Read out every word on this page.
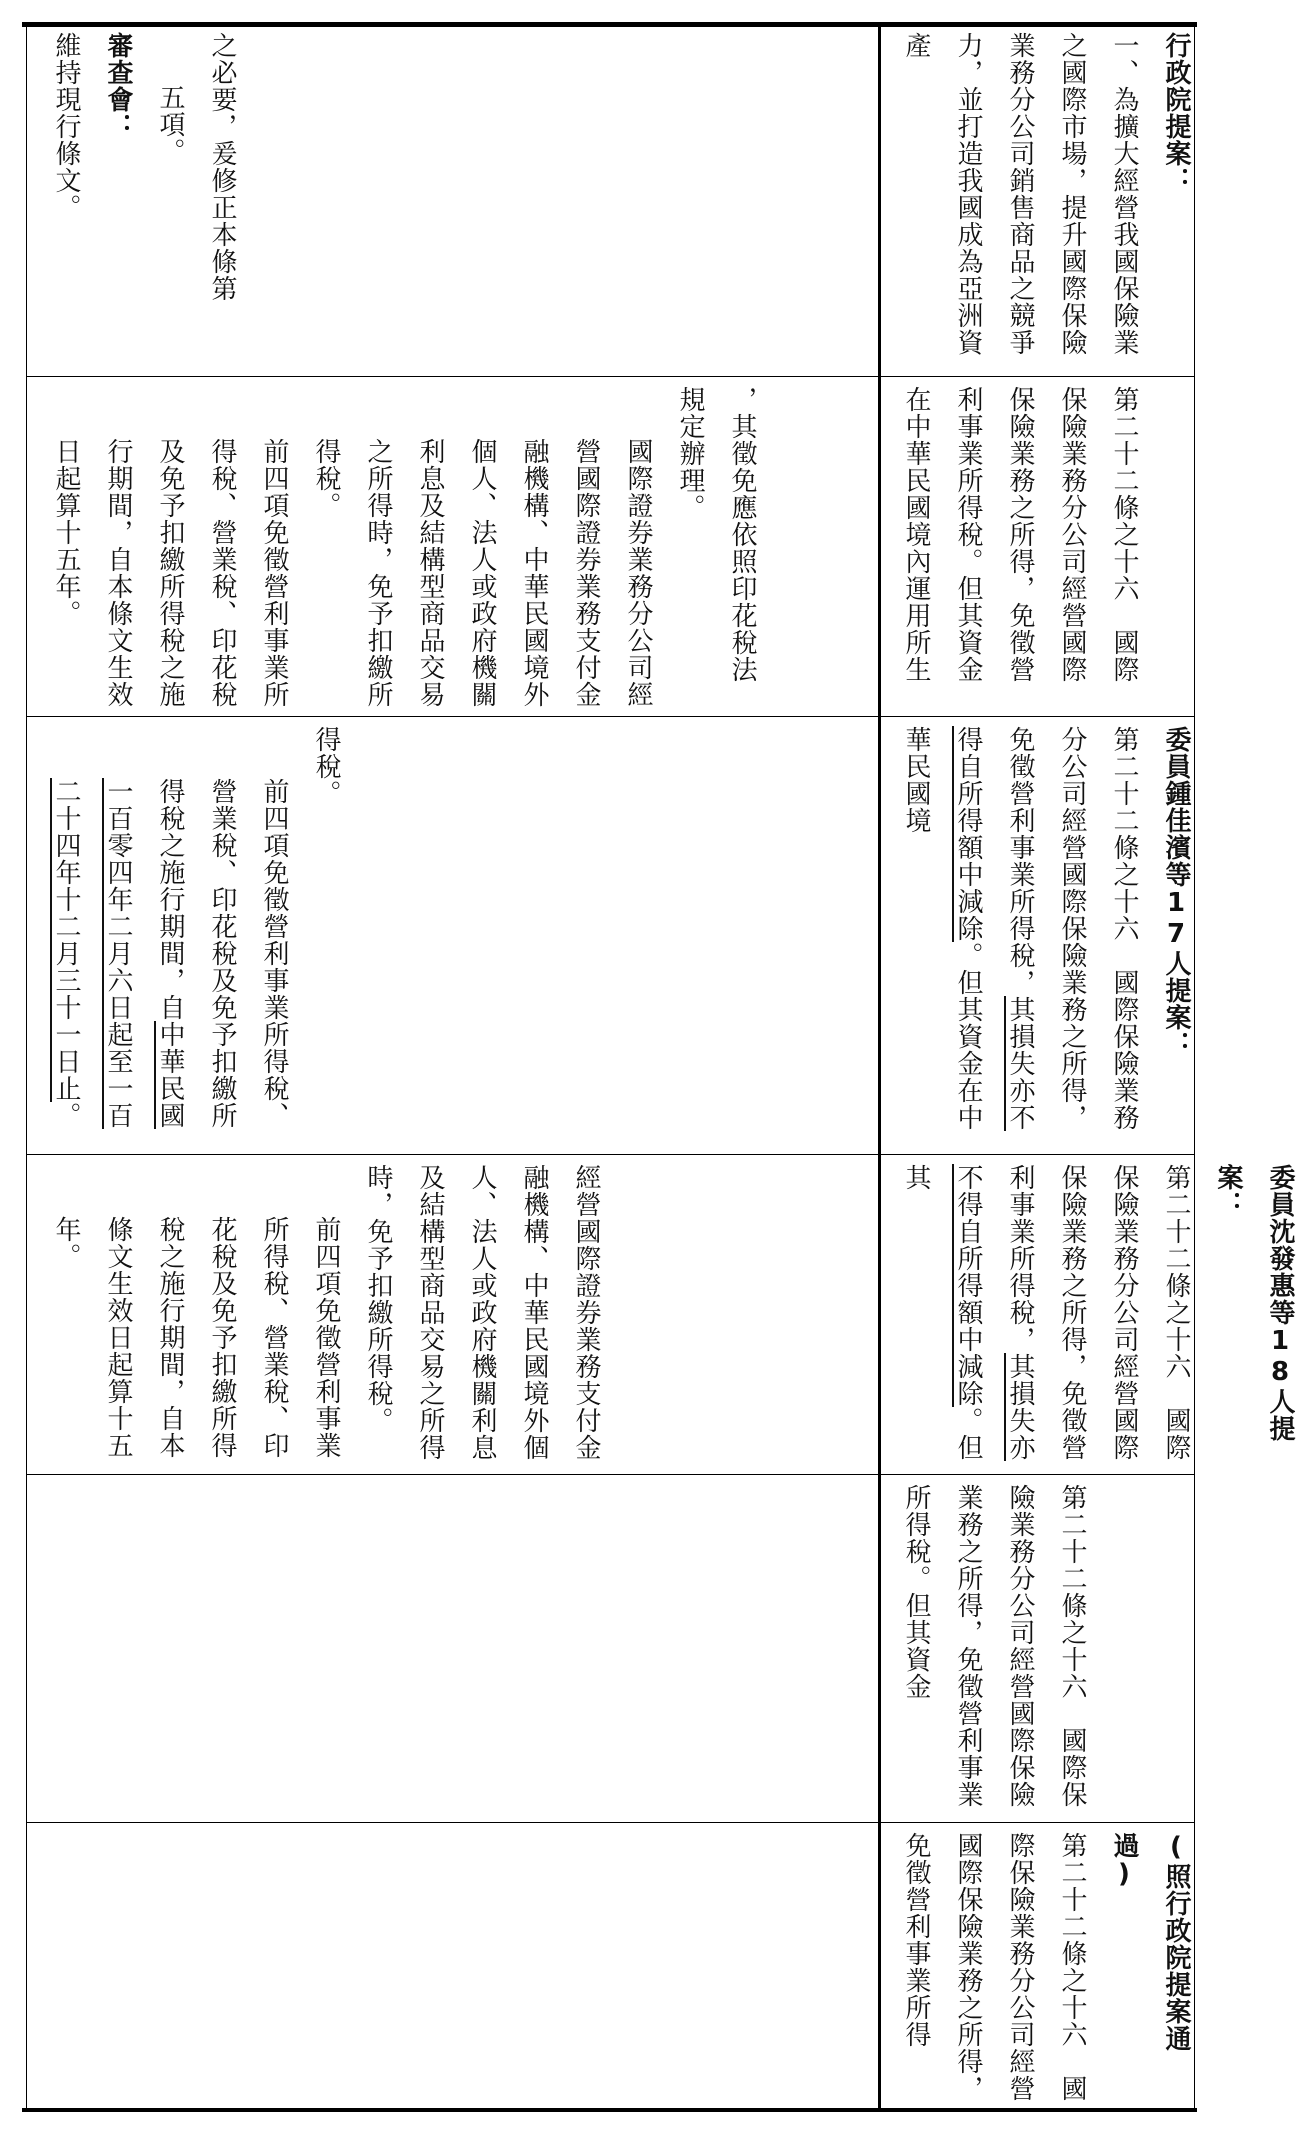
之必要，爰修正本條第
五項。
審查會：
維持現行條文。
，其徵免應依照印花稅法規定辦理。
國際證券業務分公司經營國際證券業務支付金融機構、中華民國境外個人、法人或政府機關利息及結構型商品交易之所得時，免予扣繳所得稅。
前四項免徵營利事業所得稅、營業稅、印花稅及免予扣繳所得稅之施行期間，自本條文生效日起算十五年。
得稅。
前四項免徵營利事業所得稅、營業稅、印花稅及免予扣繳所得稅之施行期間，自中華民國一百零四年二月六日起至一百二十四年十二月三十一日止。
經營國際證券業務支付金融機構、中華民國境外個人、法人或政府機關利息及結構型商品交易之所得時，免予扣繳所得稅。
前四項免徵營利事業所得稅、營業稅、印花稅及免予扣繳所得稅之施行期間，自本條文生效日起算十五年。
行政院提案：
一、為擴大經營我國保險業之國際市場，提升國際保險業務分公司銷售商品之競爭力，並打造我國成為亞洲資產
第二十二條之十六　國際保險業務分公司經營國際保險業務之所得，免徵營利事業所得稅。但其資金在中華民國境內運用所生
委員鍾佳濱等17人提案：
第二十二條之十六　國際保險業務分公司經營國際保險業務之所得，免徵營利事業所得稅，其損失亦不得自所得額中減除。但其資金在中華民國境
委員沈發惠等18人提案：
第二十二條之十六　國際保險業務分公司經營國際保險業務之所得，免徵營利事業所得稅，其損失亦不得自所得額中減除。但其
第二十二條之十六　國際保險業務分公司經營國際保險業務之所得，免徵營利事業所得稅。但其資金
(照行政院提案通過)
第二十二條之十六　國際保險業務分公司經營國際保險業務之所得，免徵營利事業所得
